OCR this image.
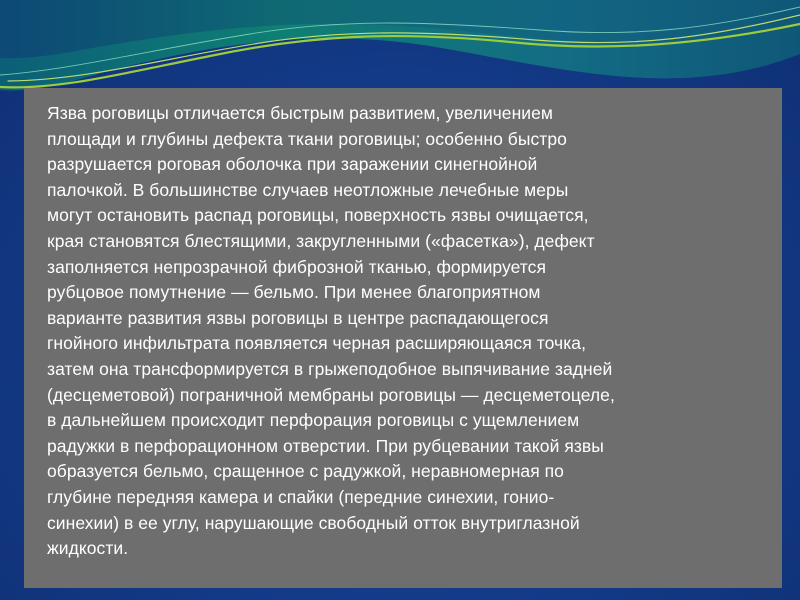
Язва роговицы отличается быстрым развитием, увеличением
площади и глубины дефекта ткани роговицы; особенно быстро
разрушается роговая оболочка при заражении синегнойной
палочкой. В большинстве случаев неотложные лечебные меры
могут остановить распад роговицы, поверхность язвы очищается,
края становятся блестящими, закругленными («фасетка»), дефект
заполняется непрозрачной фиброзной тканью, формируется
рубцовое помутнение — бельмо. При менее благоприятном
варианте развития язвы роговицы в центре распадающегося
гнойного инфильтрата появляется черная расширяющаяся точка,
затем она трансформируется в грыжеподобное выпячивание задней
(десцеметовой) пограничной мембраны роговицы — десцеметоцеле,
в дальнейшем происходит перфорация роговицы с ущемлением
радужки в перфорационном отверстии. При рубцевании такой язвы
образуется бельмо, сращенное с радужкой, неравномерная по
глубине передняя камера и спайки (передние синехии, гонио-
синехии) в ее углу, нарушающие свободный отток внутриглазной
жидкости.
